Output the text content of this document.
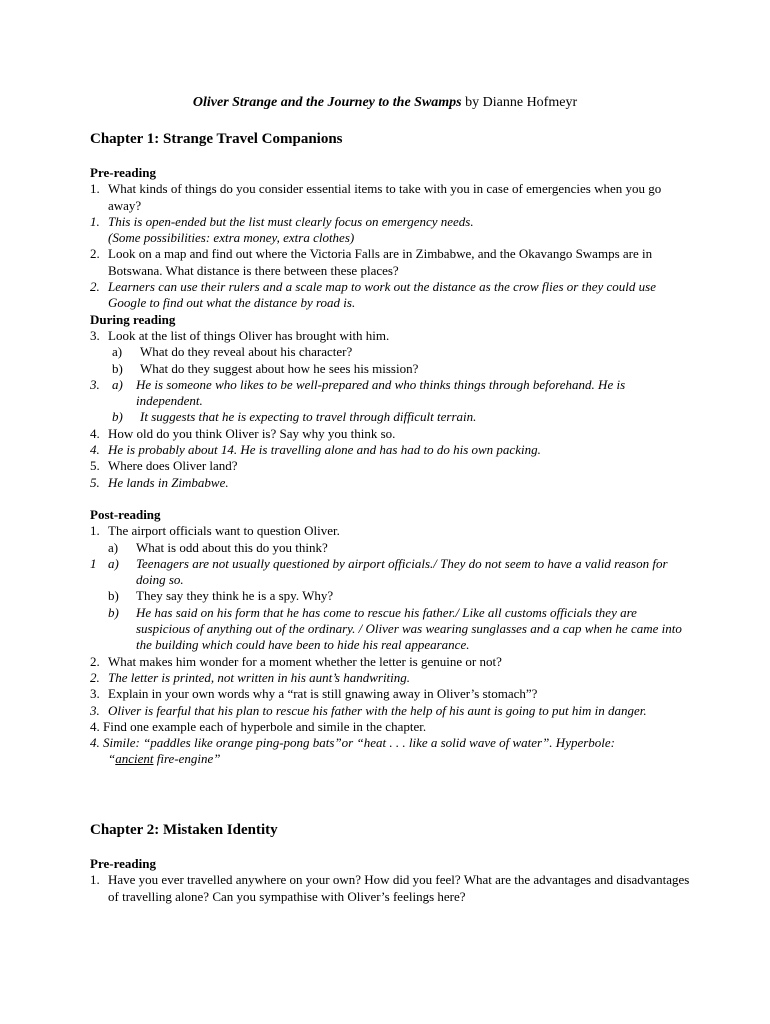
Oliver Strange and the Journey to the Swamps by Dianne Hofmeyr
Chapter 1: Strange Travel Companions
Pre-reading
1. What kinds of things do you consider essential items to take with you in case of emergencies when you go away?
1. This is open-ended but the list must clearly focus on emergency needs.
(Some possibilities: extra money, extra clothes)
2. Look on a map and find out where the Victoria Falls are in Zimbabwe, and the Okavango Swamps are in Botswana. What distance is there between these places?
2. Learners can use their rulers and a scale map to work out the distance as the crow flies or they could use Google to find out what the distance by road is.
During reading
3. Look at the list of things Oliver has brought with him.
a)	What do they reveal about his character?
b)	What do they suggest about how he sees his mission?
3. a)	He is someone who likes to be well-prepared and who thinks things through beforehand. He is independent.
b)	It suggests that he is expecting to travel through difficult terrain.
4. How old do you think Oliver is? Say why you think so.
4. He is probably about 14. He is travelling alone and has had to do his own packing.
5. Where does Oliver land?
5. He lands in Zimbabwe.
Post-reading
1. The airport officials want to question Oliver.
a)	What is odd about this do you think?
1 a)	Teenagers are not usually questioned by airport officials./ They do not seem to have a valid reason for doing so.
b)	They say they think he is a spy. Why?
b)	He has said on his form that he has come to rescue his father./ Like all customs officials they are suspicious of anything out of the ordinary. / Oliver was wearing sunglasses and a cap when he came into the building which could have been to hide his real appearance.
2. What makes him wonder for a moment whether the letter is genuine or not?
2. The letter is printed, not written in his aunt’s handwriting.
3. Explain in your own words why a “rat is still gnawing away in Oliver’s stomach”?
3. Oliver is fearful that his plan to rescue his father with the help of his aunt is going to put him in danger.
4. Find one example each of hyperbole and simile in the chapter.
4. Simile: “paddles like orange ping-pong bats”or “heat . . . like a solid wave of water”. Hyperbole:
“ancient fire-engine”
Chapter 2: Mistaken Identity
Pre-reading
1. Have you ever travelled anywhere on your own? How did you feel? What are the advantages and disadvantages of travelling alone? Can you sympathise with Oliver’s feelings here?
